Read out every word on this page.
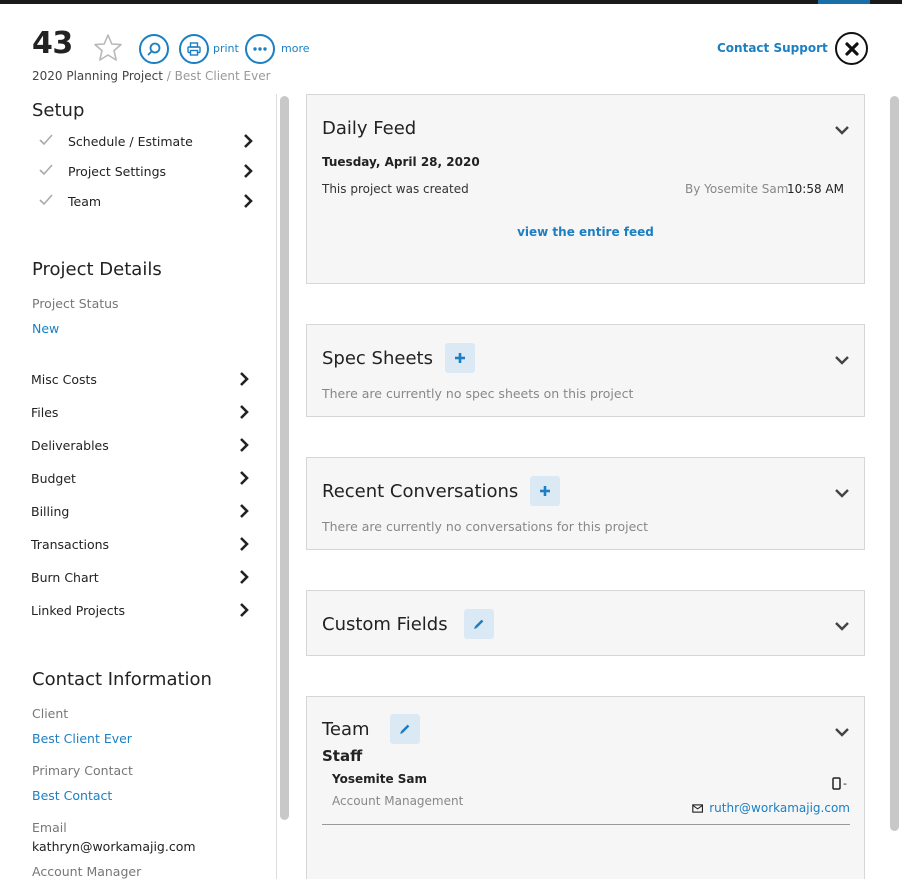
43	print	more	Contact Support
2020 Planning Project / Best Client Ever
Setup
Schedule / Estimate
Project Settings
Team
Project Details
Project Status
New
Misc Costs
Files
Deliverables
Budget
Billing
Transactions
Burn Chart
Linked Projects
Contact Information
Client
Best Client Ever
Primary Contact
Best Contact
Email
kathryn@workamajig.com
Account Manager
Daily Feed
Tuesday, April 28, 2020
This project was created	By Yosemite Sam
10:58 AM
view the entire feed
Spec Sheets
There are currently no spec sheets on this project
Recent Conversations
There are currently no conversations for this project
Custom Fields
Team
Staff
Yosemite Sam
Account Management
-
ruthr@workamajig.com
